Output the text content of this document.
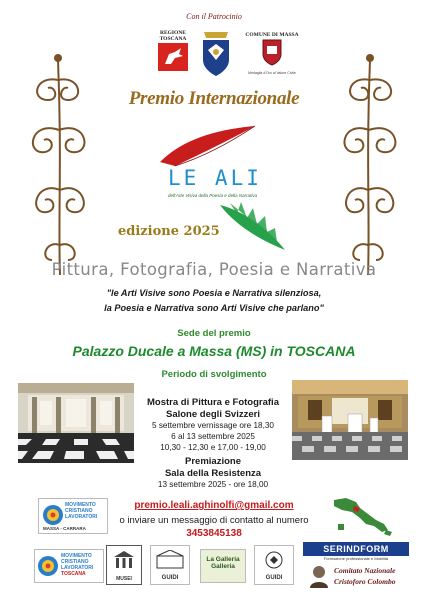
Con il Patrocinio
REGIONE
TOSCANA
COMUNE DI MASSA
Medaglia d'Oro al Valore Civile
Premio Internazionale
LE ALI
dell'Arte Visiva della Poesia e della Narrativa
edizione 2025
Pittura, Fotografia, Poesia e Narrativa
"le Arti Visive sono Poesia e Narrativa silenziosa,
la Poesia e Narrativa sono Arti Visive che parlano"
Sede del premio
Palazzo Ducale a Massa (MS) in TOSCANA
Periodo di svolgimento
Mostra di Pittura e Fotografia
Salone degli Svizzeri
5 settembre vernissage ore 18,30
6 al 13 settembre 2025
10,30 - 12,30 e 17,00 - 19,00
Premiazione
Sala della Resistenza
13 settembre 2025 - ore 18,00
MOVIMENTO
CRISTIANO
LAVORATORI
MASSA - CARRARA
premio.leali.aghinolfi@gmail.com
o inviare un messaggio di contatto al numero
3453845138
MOVIMENTO
CRISTIANO
LAVORATORI
TOSCANA
MUSEI	GUIDI
La Galleria
Galleria
GUIDI
SERINDFORM
Formazione professionale e Mobilità
Comitato Nazionale
Cristoforo Colombo
